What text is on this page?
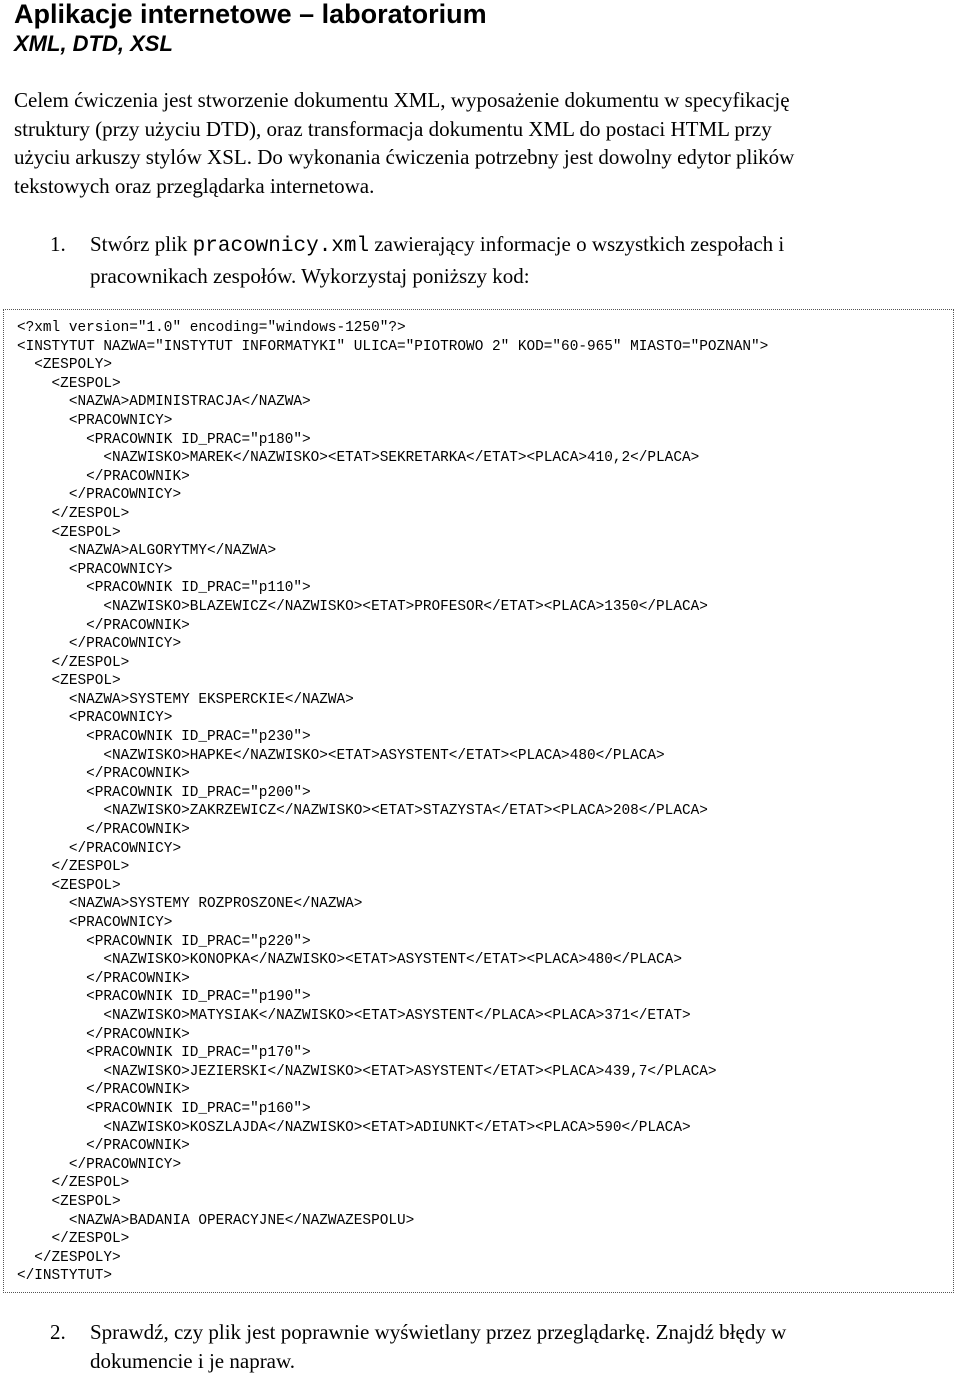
Aplikacje internetowe – laboratorium
XML, DTD, XSL
Celem ćwiczenia jest stworzenie dokumentu XML, wyposażenie dokumentu w specyfikację
struktury (przy użyciu DTD), oraz transformacja dokumentu XML do postaci HTML przy
użyciu arkuszy stylów XSL. Do wykonania ćwiczenia potrzebny jest dowolny edytor plików
tekstowych oraz przeglądarka internetowa.
1. Stwórz plik pracownicy.xml zawierający informacje o wszystkich zespołach i
pracownikach zespołów. Wykorzystaj poniższy kod:
<?xml version="1.0" encoding="windows-1250"?>
<INSTYTUT NAZWA="INSTYTUT INFORMATYKI" ULICA="PIOTROWO 2" KOD="60-965" MIASTO="POZNAN">
<ZESPOLY>
<ZESPOL>
<NAZWA>ADMINISTRACJA</NAZWA>
<PRACOWNICY>
<PRACOWNIK ID_PRAC="p180">
<NAZWISKO>MAREK</NAZWISKO><ETAT>SEKRETARKA</ETAT><PLACA>410,2</PLACA>
</PRACOWNIK>
</PRACOWNICY>
</ZESPOL>
<ZESPOL>
<NAZWA>ALGORYTMY</NAZWA>
<PRACOWNICY>
<PRACOWNIK ID_PRAC="p110">
<NAZWISKO>BLAZEWICZ</NAZWISKO><ETAT>PROFESOR</ETAT><PLACA>1350</PLACA>
</PRACOWNIK>
</PRACOWNICY>
</ZESPOL>
<ZESPOL>
<NAZWA>SYSTEMY EKSPERCKIE</NAZWA>
<PRACOWNICY>
<PRACOWNIK ID_PRAC="p230">
<NAZWISKO>HAPKE</NAZWISKO><ETAT>ASYSTENT</ETAT><PLACA>480</PLACA>
</PRACOWNIK>
<PRACOWNIK ID_PRAC="p200">
<NAZWISKO>ZAKRZEWICZ</NAZWISKO><ETAT>STAZYSTA</ETAT><PLACA>208</PLACA>
</PRACOWNIK>
</PRACOWNICY>
</ZESPOL>
<ZESPOL>
<NAZWA>SYSTEMY ROZPROSZONE</NAZWA>
<PRACOWNICY>
<PRACOWNIK ID_PRAC="p220">
<NAZWISKO>KONOPKA</NAZWISKO><ETAT>ASYSTENT</ETAT><PLACA>480</PLACA>
</PRACOWNIK>
<PRACOWNIK ID_PRAC="p190">
<NAZWISKO>MATYSIAK</NAZWISKO><ETAT>ASYSTENT</PLACA><PLACA>371</ETAT>
</PRACOWNIK>
<PRACOWNIK ID_PRAC="p170">
<NAZWISKO>JEZIERSKI</NAZWISKO><ETAT>ASYSTENT</ETAT><PLACA>439,7</PLACA>
</PRACOWNIK>
<PRACOWNIK ID_PRAC="p160">
<NAZWISKO>KOSZLAJDA</NAZWISKO><ETAT>ADIUNKT</ETAT><PLACA>590</PLACA>
</PRACOWNIK>
</PRACOWNICY>
</ZESPOL>
<ZESPOL>
<NAZWA>BADANIA OPERACYJNE</NAZWAZESPOLU>
</ZESPOL>
</ZESPOLY>
</INSTYTUT>
2. Sprawdź, czy plik jest poprawnie wyświetlany przez przeglądarkę. Znajdź błędy w
dokumencie i je napraw.
